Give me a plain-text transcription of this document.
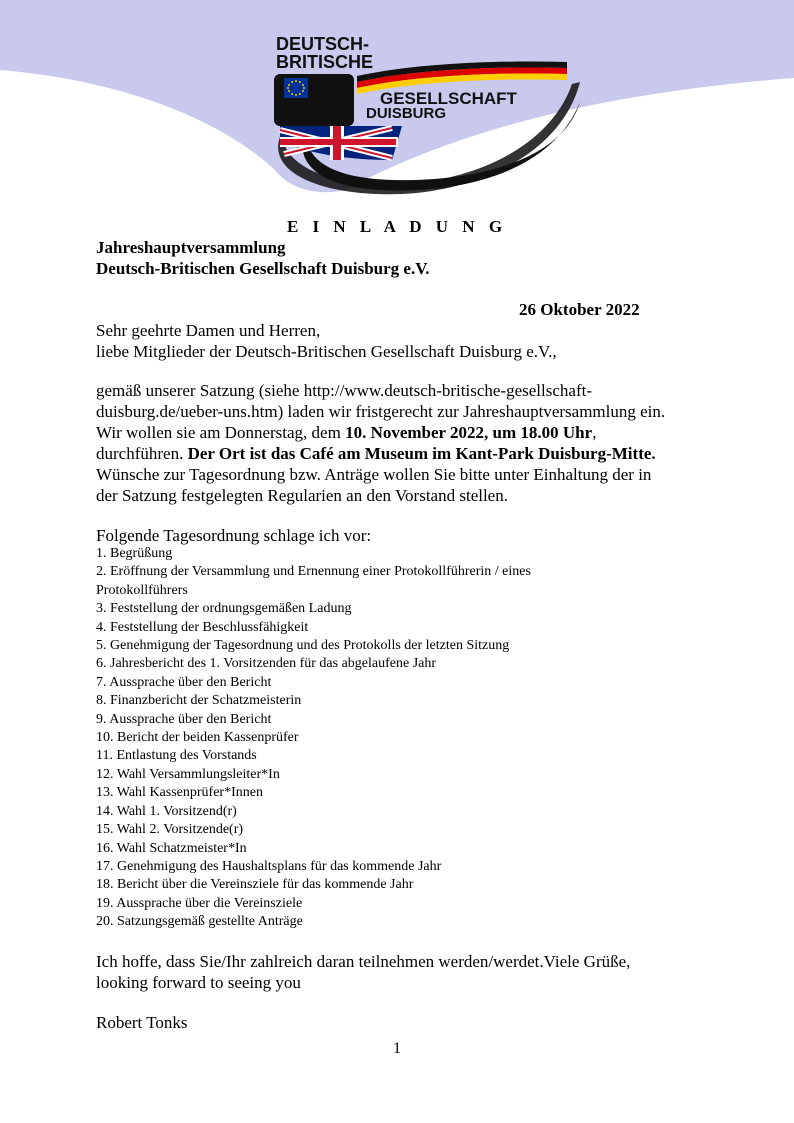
DEUTSCH-
BRITISCHE
GESELLSCHAFT
DUISBURG

E I N L A D U N G

Jahreshauptversammlung

Deutsch-Britischen Gesellschaft Duisburg e.V.

26 Oktober 2022

Sehr geehrte Damen und Herren,

liebe Mitglieder der Deutsch-Britischen Gesellschaft Duisburg e.V.,

gemäß unserer Satzung (siehe http://www.deutsch-britische-gesellschaft-

duisburg.de/ueber-uns.htm) laden wir fristgerecht zur Jahreshauptversammlung ein.

Wir wollen sie am Donnerstag, dem 10. November 2022, um 18.00 Uhr,

durchführen. Der Ort ist das Café am Museum im Kant-Park Duisburg-Mitte.

Wünsche zur Tagesordnung bzw. Anträge wollen Sie bitte unter Einhaltung der in

der Satzung festgelegten Regularien an den Vorstand stellen.

Folgende Tagesordnung schlage ich vor:

1. Begrüßung
2. Eröffnung der Versammlung und Ernennung einer Protokollführerin / eines
Protokollführers
3. Feststellung der ordnungsgemäßen Ladung
4. Feststellung der Beschlussfähigkeit
5. Genehmigung der Tagesordnung und des Protokolls der letzten Sitzung
6. Jahresbericht des 1. Vorsitzenden für das abgelaufene Jahr
7. Aussprache über den Bericht
8. Finanzbericht der Schatzmeisterin
9. Aussprache über den Bericht
10. Bericht der beiden Kassenprüfer
11. Entlastung des Vorstands
12. Wahl Versammlungsleiter*In
13. Wahl Kassenprüfer*Innen
14. Wahl 1. Vorsitzend(r)
15. Wahl 2. Vorsitzende(r)
16. Wahl Schatzmeister*In
17. Genehmigung des Haushaltsplans für das kommende Jahr
18. Bericht über die Vereinsziele für das kommende Jahr
19. Aussprache über die Vereinsziele
20. Satzungsgemäß gestellte Anträge

Ich hoffe, dass Sie/Ihr zahlreich daran teilnehmen werden/werdet.Viele Grüße,

looking forward to seeing you

Robert Tonks

1
